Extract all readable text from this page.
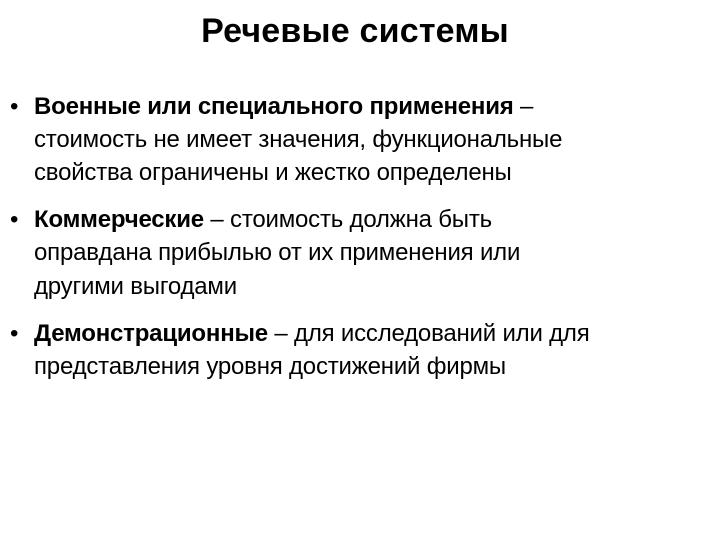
Речевые системы
• Военные или специального применения –
стоимость не имеет значения, функциональные
свойства ограничены и жестко определены
• Коммерческие – стоимость должна быть
оправдана прибылью от их применения или
другими выгодами
• Демонстрационные – для исследований или для
представления уровня достижений фирмы
